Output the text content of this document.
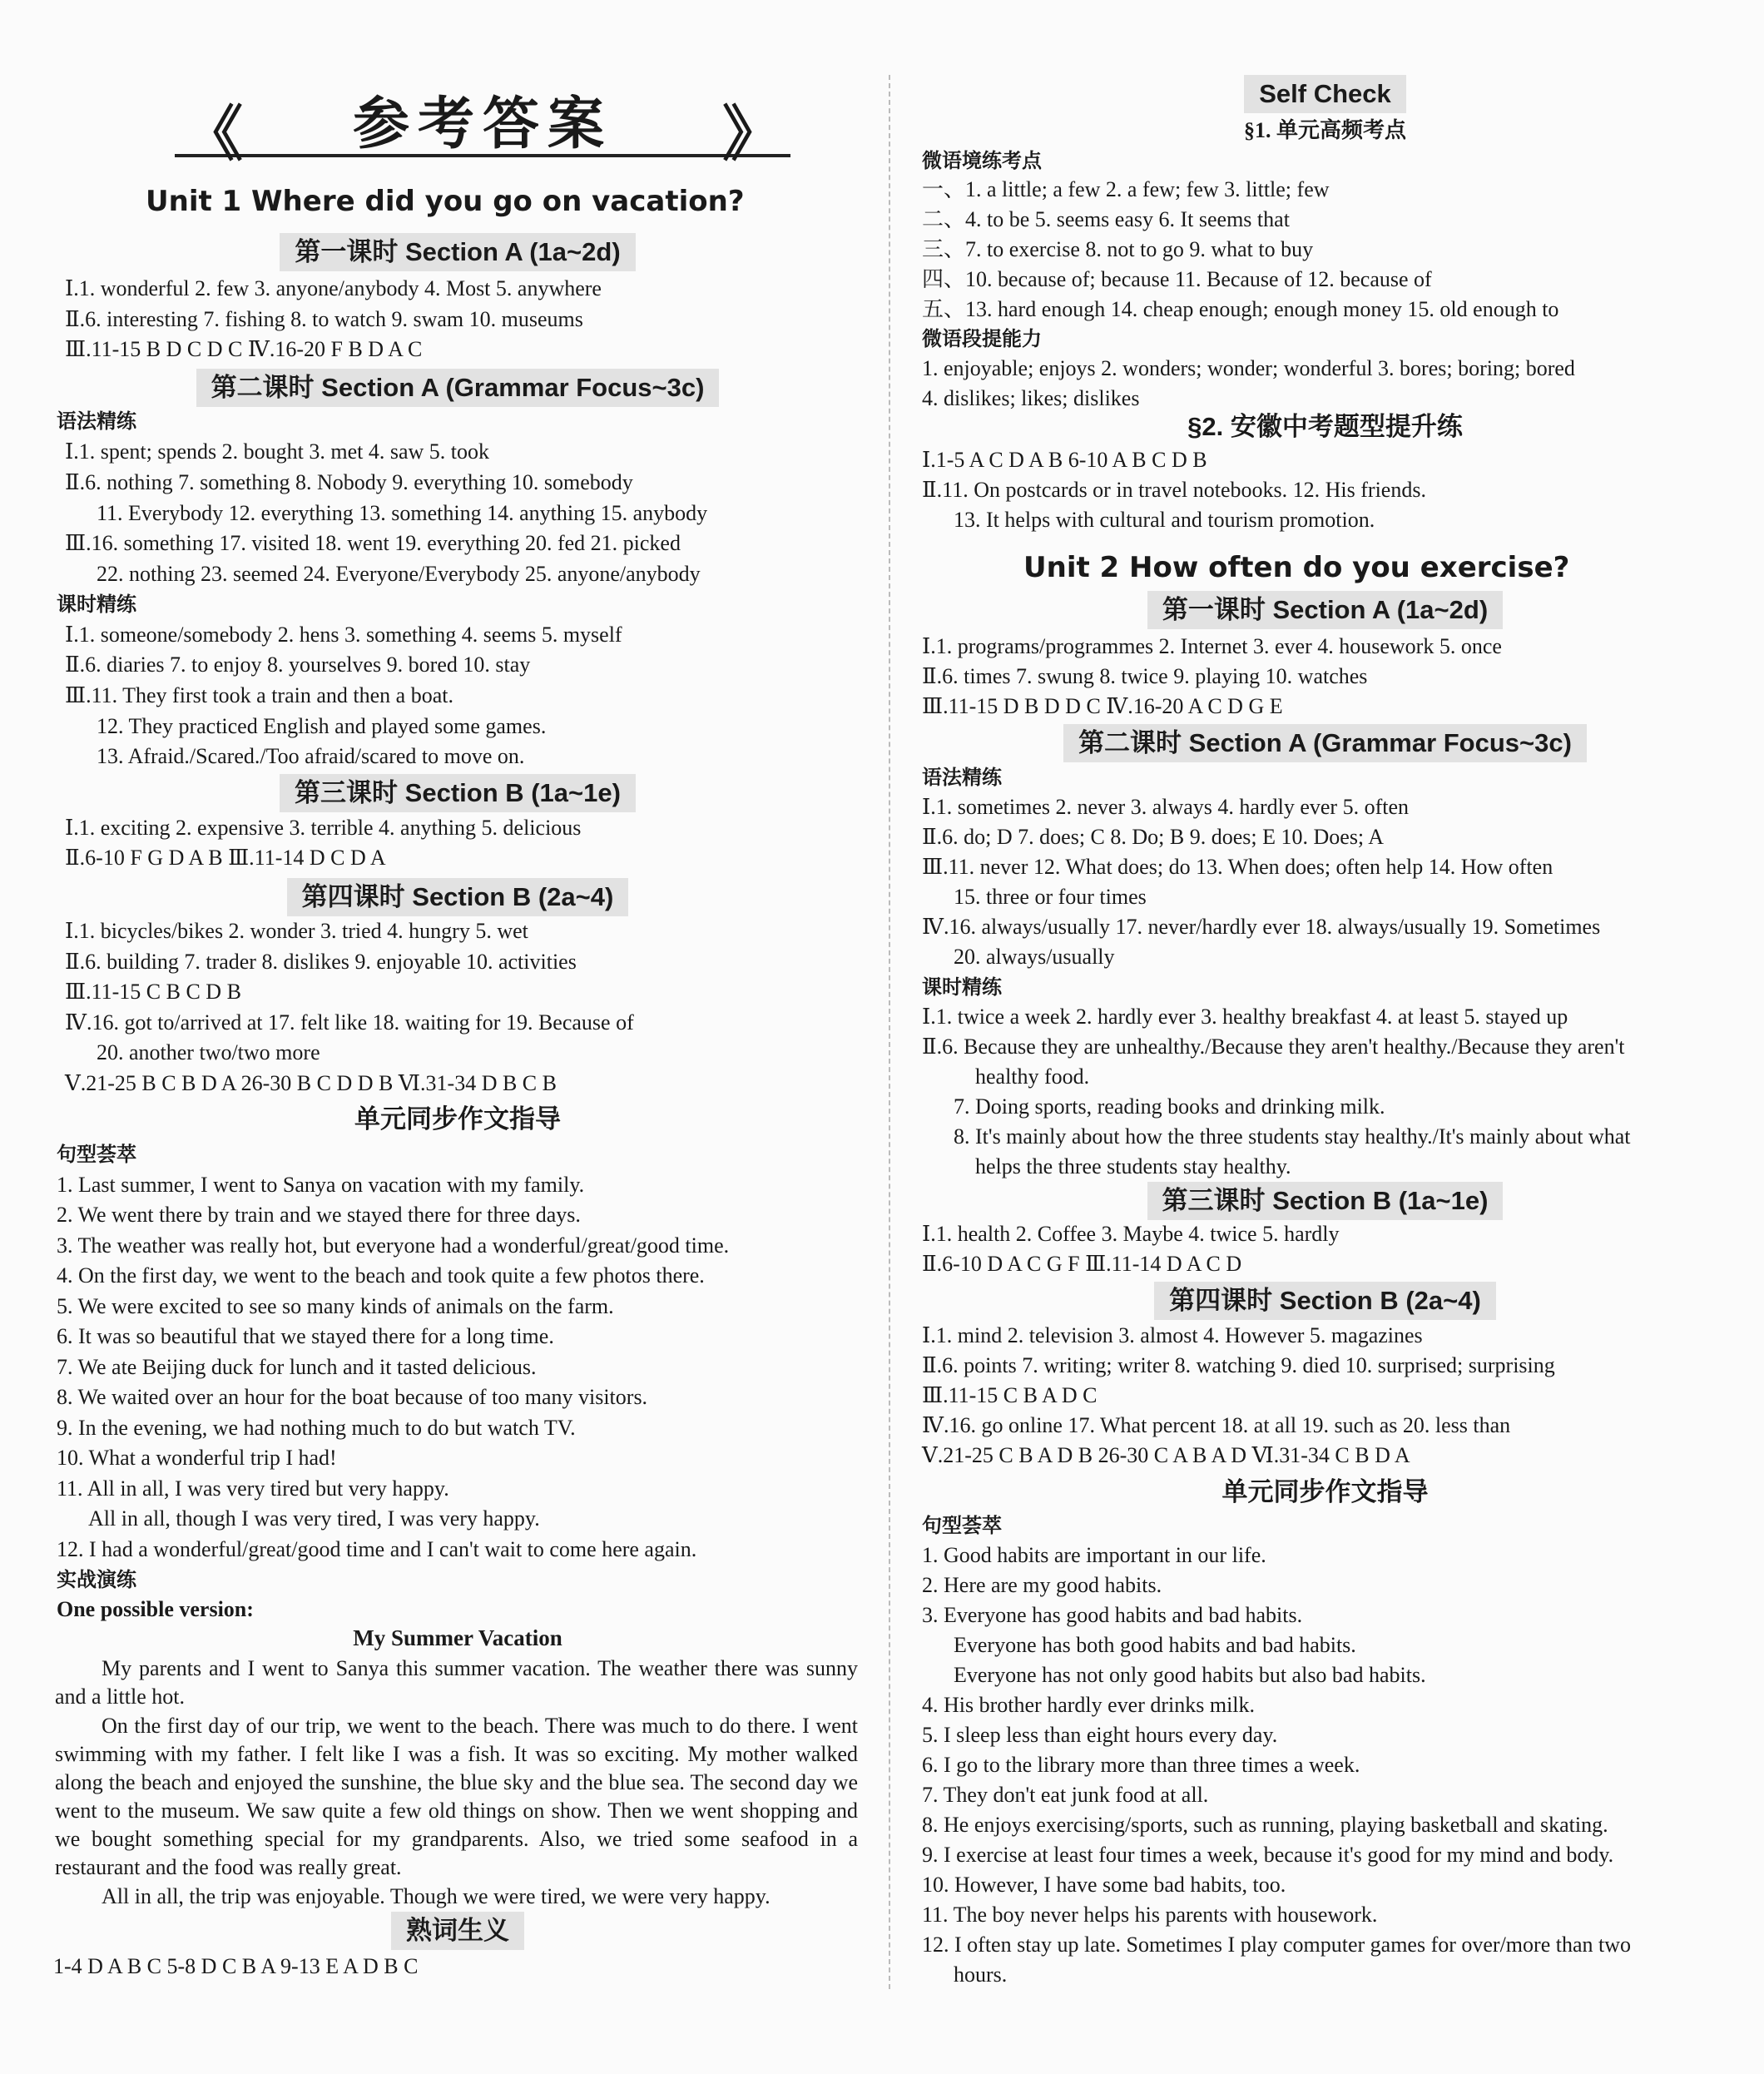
《	参考答案	》
Unit 1 Where did you go on vacation?
第一课时 Section A (1a~2d)
Ⅰ.1. wonderful 2. few 3. anyone/anybody 4. Most 5. anywhere
Ⅱ.6. interesting 7. fishing 8. to watch 9. swam 10. museums
Ⅲ.11-15 B D C D C Ⅳ.16-20 F B D A C
第二课时 Section A (Grammar Focus~3c)
语法精练
Ⅰ.1. spent; spends 2. bought 3. met 4. saw 5. took
Ⅱ.6. nothing 7. something 8. Nobody 9. everything 10. somebody
11. Everybody 12. everything 13. something 14. anything 15. anybody
Ⅲ.16. something 17. visited 18. went 19. everything 20. fed 21. picked
22. nothing 23. seemed 24. Everyone/Everybody 25. anyone/anybody
课时精练
Ⅰ.1. someone/somebody 2. hens 3. something 4. seems 5. myself
Ⅱ.6. diaries 7. to enjoy 8. yourselves 9. bored 10. stay
Ⅲ.11. They first took a train and then a boat.
12. They practiced English and played some games.
13. Afraid./Scared./Too afraid/scared to move on.
第三课时 Section B (1a~1e)
Ⅰ.1. exciting 2. expensive 3. terrible 4. anything 5. delicious
Ⅱ.6-10 F G D A B Ⅲ.11-14 D C D A
第四课时 Section B (2a~4)
Ⅰ.1. bicycles/bikes 2. wonder 3. tried 4. hungry 5. wet
Ⅱ.6. building 7. trader 8. dislikes 9. enjoyable 10. activities
Ⅲ.11-15 C B C D B
Ⅳ.16. got to/arrived at 17. felt like 18. waiting for 19. Because of
20. another two/two more
Ⅴ.21-25 B C B D A 26-30 B C D D B Ⅵ.31-34 D B C B
单元同步作文指导
句型荟萃
1. Last summer, I went to Sanya on vacation with my family.
2. We went there by train and we stayed there for three days.
3. The weather was really hot, but everyone had a wonderful/great/good time.
4. On the first day, we went to the beach and took quite a few photos there.
5. We were excited to see so many kinds of animals on the farm.
6. It was so beautiful that we stayed there for a long time.
7. We ate Beijing duck for lunch and it tasted delicious.
8. We waited over an hour for the boat because of too many visitors.
9. In the evening, we had nothing much to do but watch TV.
10. What a wonderful trip I had!
11. All in all, I was very tired but very happy.
All in all, though I was very tired, I was very happy.
12. I had a wonderful/great/good time and I can't wait to come here again.
实战演练
One possible version:
My Summer Vacation
My parents and I went to Sanya this summer vacation. The weather there was sunny and a little hot.
On the first day of our trip, we went to the beach. There was much to do there. I went swimming with my father. I felt like I was a fish. It was so exciting. My mother walked along the beach and enjoyed the sunshine, the blue sky and the blue sea. The second day we went to the museum. We saw quite a few old things on show. Then we went shopping and we bought something special for my grandparents. Also, we tried some seafood in a restaurant and the food was really great.
All in all, the trip was enjoyable. Though we were tired, we were very happy.
熟词生义
1-4 D A B C 5-8 D C B A 9-13 E A D B C
Self Check
§1. 单元高频考点
微语境练考点
一、1. a little; a few 2. a few; few 3. little; few
二、4. to be 5. seems easy 6. It seems that
三、7. to exercise 8. not to go 9. what to buy
四、10. because of; because 11. Because of 12. because of
五、13. hard enough 14. cheap enough; enough money 15. old enough to
微语段提能力
1. enjoyable; enjoys 2. wonders; wonder; wonderful 3. bores; boring; bored
4. dislikes; likes; dislikes
§2. 安徽中考题型提升练
Ⅰ.1-5 A C D A B 6-10 A B C D B
Ⅱ.11. On postcards or in travel notebooks. 12. His friends.
13. It helps with cultural and tourism promotion.
Unit 2 How often do you exercise?
第一课时 Section A (1a~2d)
Ⅰ.1. programs/programmes 2. Internet 3. ever 4. housework 5. once
Ⅱ.6. times 7. swung 8. twice 9. playing 10. watches
Ⅲ.11-15 D B D D C Ⅳ.16-20 A C D G E
第二课时 Section A (Grammar Focus~3c)
语法精练
Ⅰ.1. sometimes 2. never 3. always 4. hardly ever 5. often
Ⅱ.6. do; D 7. does; C 8. Do; B 9. does; E 10. Does; A
Ⅲ.11. never 12. What does; do 13. When does; often help 14. How often
15. three or four times
Ⅳ.16. always/usually 17. never/hardly ever 18. always/usually 19. Sometimes
20. always/usually
课时精练
Ⅰ.1. twice a week 2. hardly ever 3. healthy breakfast 4. at least 5. stayed up
Ⅱ.6. Because they are unhealthy./Because they aren't healthy./Because they aren't
healthy food.
7. Doing sports, reading books and drinking milk.
8. It's mainly about how the three students stay healthy./It's mainly about what
helps the three students stay healthy.
第三课时 Section B (1a~1e)
Ⅰ.1. health 2. Coffee 3. Maybe 4. twice 5. hardly
Ⅱ.6-10 D A C G F Ⅲ.11-14 D A C D
第四课时 Section B (2a~4)
Ⅰ.1. mind 2. television 3. almost 4. However 5. magazines
Ⅱ.6. points 7. writing; writer 8. watching 9. died 10. surprised; surprising
Ⅲ.11-15 C B A D C
Ⅳ.16. go online 17. What percent 18. at all 19. such as 20. less than
Ⅴ.21-25 C B A D B 26-30 C A B A D Ⅵ.31-34 C B D A
单元同步作文指导
句型荟萃
1. Good habits are important in our life.
2. Here are my good habits.
3. Everyone has good habits and bad habits.
Everyone has both good habits and bad habits.
Everyone has not only good habits but also bad habits.
4. His brother hardly ever drinks milk.
5. I sleep less than eight hours every day.
6. I go to the library more than three times a week.
7. They don't eat junk food at all.
8. He enjoys exercising/sports, such as running, playing basketball and skating.
9. I exercise at least four times a week, because it's good for my mind and body.
10. However, I have some bad habits, too.
11. The boy never helps his parents with housework.
12. I often stay up late. Sometimes I play computer games for over/more than two
hours.
